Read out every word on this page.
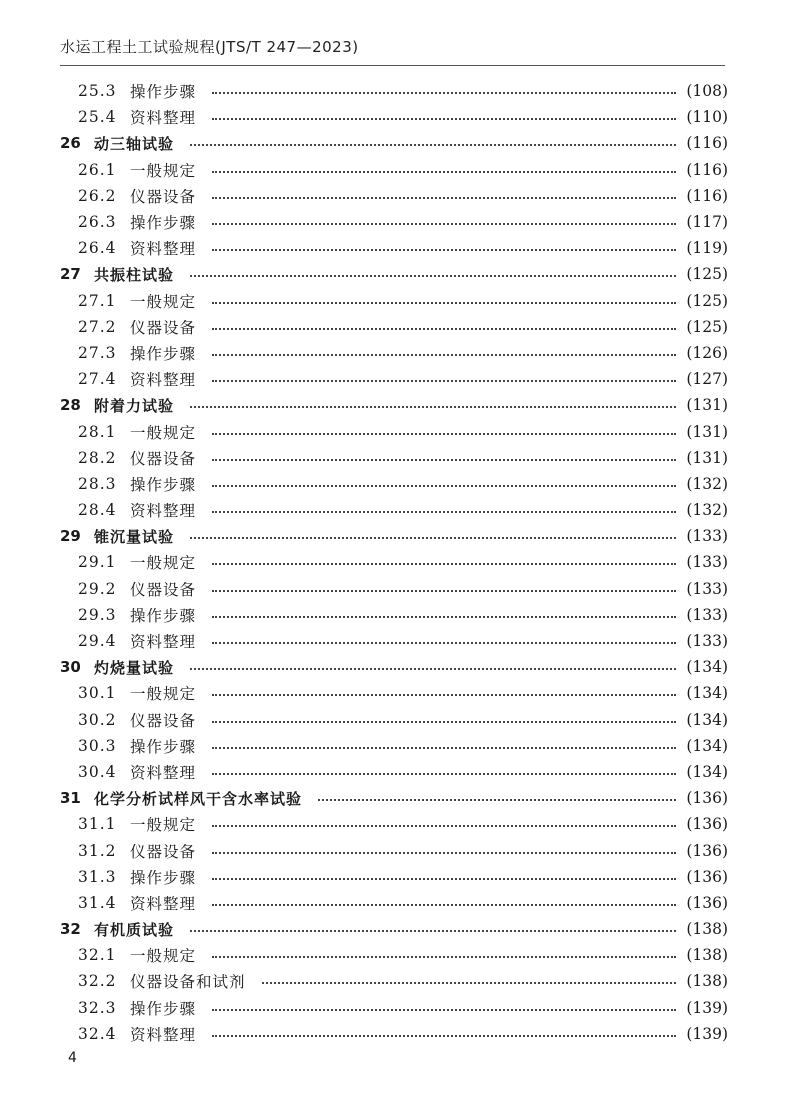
水运工程土工试验规程(JTS/T 247—2023)
25.3 操作步骤	(108)
25.4 资料整理	(110)
26 动三轴试验	(116)
26.1 一般规定	(116)
26.2 仪器设备	(116)
26.3 操作步骤	(117)
26.4 资料整理	(119)
27 共振柱试验	(125)
27.1 一般规定	(125)
27.2 仪器设备	(125)
27.3 操作步骤	(126)
27.4 资料整理	(127)
28 附着力试验	(131)
28.1 一般规定	(131)
28.2 仪器设备	(131)
28.3 操作步骤	(132)
28.4 资料整理	(132)
29 锥沉量试验	(133)
29.1 一般规定	(133)
29.2 仪器设备	(133)
29.3 操作步骤	(133)
29.4 资料整理	(133)
30 灼烧量试验	(134)
30.1 一般规定	(134)
30.2 仪器设备	(134)
30.3 操作步骤	(134)
30.4 资料整理	(134)
31 化学分析试样风干含水率试验	(136)
31.1 一般规定	(136)
31.2 仪器设备	(136)
31.3 操作步骤	(136)
31.4 资料整理	(136)
32 有机质试验	(138)
32.1 一般规定	(138)
32.2 仪器设备和试剂	(138)
32.3 操作步骤	(139)
32.4 资料整理	(139)
4
